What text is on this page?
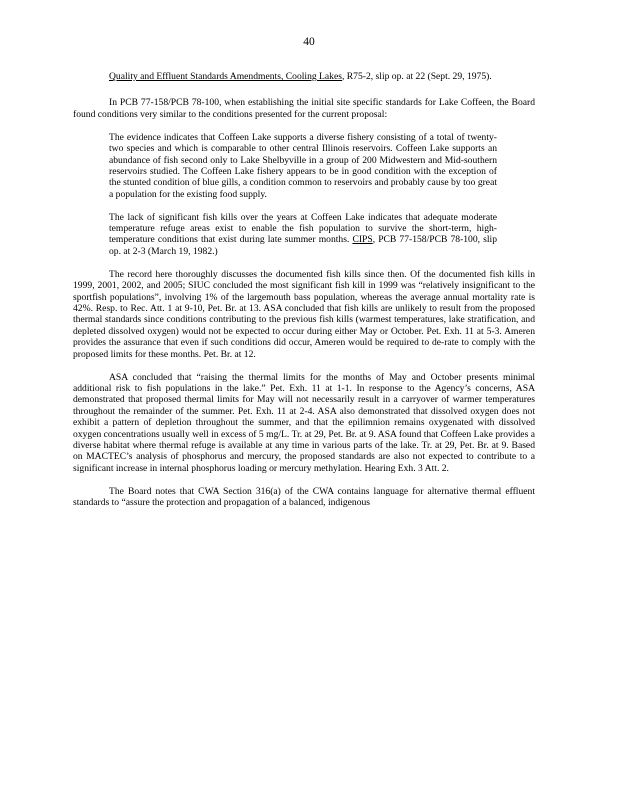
40

Quality and Effluent Standards Amendments, Cooling Lakes, R75-2, slip op. at 22 (Sept. 29, 1975).

In PCB 77-158/PCB 78-100, when establishing the initial site specific standards for Lake Coffeen, the Board found conditions very similar to the conditions presented for the current proposal:

The evidence indicates that Coffeen Lake supports a diverse fishery consisting of a total of twenty-two species and which is comparable to other central Illinois reservoirs. Coffeen Lake supports an abundance of fish second only to Lake Shelbyville in a group of 200 Midwestern and Mid-southern reservoirs studied. The Coffeen Lake fishery appears to be in good condition with the exception of the stunted condition of blue gills, a condition common to reservoirs and probably cause by too great a population for the existing food supply.

The lack of significant fish kills over the years at Coffeen Lake indicates that adequate moderate temperature refuge areas exist to enable the fish population to survive the short-term, high-temperature conditions that exist during late summer months. CIPS, PCB 77-158/PCB 78-100, slip op. at 2-3 (March 19, 1982.)

The record here thoroughly discusses the documented fish kills since then. Of the documented fish kills in 1999, 2001, 2002, and 2005; SIUC concluded the most significant fish kill in 1999 was “relatively insignificant to the sportfish populations”, involving 1% of the largemouth bass population, whereas the average annual mortality rate is 42%. Resp. to Rec. Att. 1 at 9-10, Pet. Br. at 13. ASA concluded that fish kills are unlikely to result from the proposed thermal standards since conditions contributing to the previous fish kills (warmest temperatures, lake stratification, and depleted dissolved oxygen) would not be expected to occur during either May or October. Pet. Exh. 11 at 5-3. Ameren provides the assurance that even if such conditions did occur, Ameren would be required to de-rate to comply with the proposed limits for these months. Pet. Br. at 12.

ASA concluded that “raising the thermal limits for the months of May and October presents minimal additional risk to fish populations in the lake.” Pet. Exh. 11 at 1-1. In response to the Agency’s concerns, ASA demonstrated that proposed thermal limits for May will not necessarily result in a carryover of warmer temperatures throughout the remainder of the summer. Pet. Exh. 11 at 2-4. ASA also demonstrated that dissolved oxygen does not exhibit a pattern of depletion throughout the summer, and that the epilimnion remains oxygenated with dissolved oxygen concentrations usually well in excess of 5 mg/L. Tr. at 29, Pet. Br. at 9. ASA found that Coffeen Lake provides a diverse habitat where thermal refuge is available at any time in various parts of the lake. Tr. at 29, Pet. Br. at 9. Based on MACTEC’s analysis of phosphorus and mercury, the proposed standards are also not expected to contribute to a significant increase in internal phosphorus loading or mercury methylation. Hearing Exh. 3 Att. 2.

The Board notes that CWA Section 316(a) of the CWA contains language for alternative thermal effluent standards to “assure the protection and propagation of a balanced, indigenous
